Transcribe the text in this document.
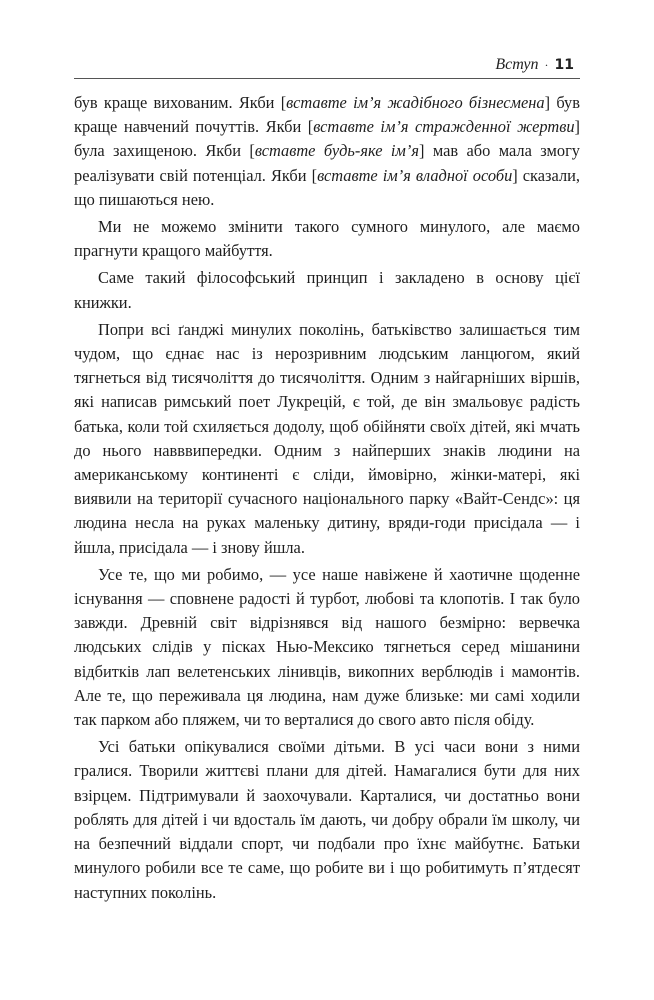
Вступ · 11

був краще вихованим. Якби [вставте ім’я жадібного бізнесмена] був краще навчений почуттів. Якби [вставте ім’я стражденної жертви] була захищеною. Якби [вставте будь-яке ім’я] мав або мала змогу реалізувати свій потенціал. Якби [вставте ім’я владної особи] сказали, що пишаються нею.

Ми не можемо змінити такого сумного минулого, але маємо прагнути кращого майбуття.

Саме такий філософський принцип і закладено в основу цієї книжки.

Попри всі ґанджі минулих поколінь, батьківство залишається тим чудом, що єднає нас із нерозривним людським ланцюгом, який тягнеться від тисячоліття до тисячоліття. Одним з найгарніших віршів, які написав римський поет Лукрецій, є той, де він змальовує радість батька, коли той схиляється додолу, щоб обійняти своїх дітей, які мчать до нього навввипередки. Одним з найперших знаків людини на американському континенті є сліди, ймовірно, жінки-матері, які виявили на території сучасного національного парку «Вайт-Сендс»: ця людина несла на руках маленьку дитину, вряди-годи присідала — і йшла, присідала — і знову йшла.

Усе те, що ми робимо, — усе наше навіжене й хаотичне щоденне існування — сповнене радості й турбот, любові та клопотів. І так було завжди. Древній світ відрізнявся від нашого безмірно: вервечка людських слідів у пісках Нью-Мексико тягнеться серед мішанини відбитків лап велетенських лінивців, викопних верблюдів і мамонтів. Але те, що переживала ця людина, нам дуже близьке: ми самі ходили так парком або пляжем, чи то верталися до свого авто після обіду.

Усі батьки опікувалися своїми дітьми. В усі часи вони з ними гралися. Творили життєві плани для дітей. Намагалися бути для них взірцем. Підтримували й заохочували. Карталися, чи достатньо вони роблять для дітей і чи вдосталь їм дають, чи добру обрали їм школу, чи на безпечний віддали спорт, чи подбали про їхнє майбутнє. Батьки минулого робили все те саме, що робите ви і що робитимуть п’ятдесят наступних поколінь.
